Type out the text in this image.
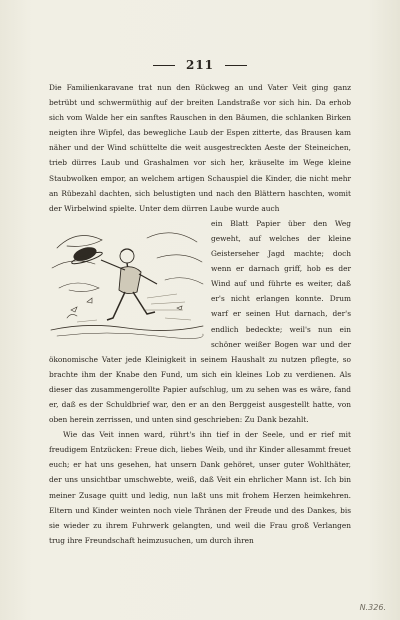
211

Die Familienkaravane trat nun den Rückweg an und Vater Veit ging ganz betrübt und schwermüthig auf der breiten Landstraße vor sich hin. Da erhob sich vom Walde her ein sanftes Rauschen in den Bäumen, die schlanken Birken neigten ihre Wipfel, das bewegliche Laub der Espen zitterte, das Brausen kam näher und der Wind schüttelte die weit ausgestreckten Aeste der Steineichen, trieb dürres Laub und Grashalmen vor sich her, kräuselte im Wege kleine Staubwolken empor, an welchem artigen Schauspiel die Kinder, die nicht mehr an Rübezahl dachten, sich belustigten und nach den Blättern haschten, womit der Wirbelwind spielte. Unter dem dürren Laube wurde auch

ein Blatt Papier über den Weg geweht, auf welches der kleine Geisterseher Jagd machte; doch wenn er darnach griff, hob es der Wind auf und führte es weiter, daß er's nicht erlangen konnte. Drum warf er seinen Hut darnach, der's endlich bedeckte; weil's nun ein schöner weißer Bogen war und der ökonomische Vater jede Kleinigkeit in seinem Haushalt zu nutzen pflegte, so brachte ihm der Knabe den Fund, um sich ein kleines Lob zu verdienen. Als dieser das zusammengerollte Papier aufschlug, um zu sehen was es wäre, fand er, daß es der Schuldbrief war, den er an den Berggeist ausgestellt hatte, von oben herein zerrissen, und unten sind geschrieben: Zu Dank bezahlt.

Wie das Veit innen ward, rührt's ihn tief in der Seele, und er rief mit freudigem Entzücken: Freue dich, liebes Weib, und ihr Kinder allesammt freuet euch; er hat uns gesehen, hat unsern Dank gehöret, unser guter Wohlthäter, der uns unsichtbar umschwebte, weiß, daß Veit ein ehrlicher Mann ist. Ich bin meiner Zusage quitt und ledig, nun laßt uns mit frohem Herzen heimkehren. Eltern und Kinder weinten noch viele Thränen der Freude und des Dankes, bis sie wieder zu ihrem Fuhrwerk gelangten, und weil die Frau groß Verlangen trug ihre Freundschaft heimzusuchen, um durch ihren

N.326.
